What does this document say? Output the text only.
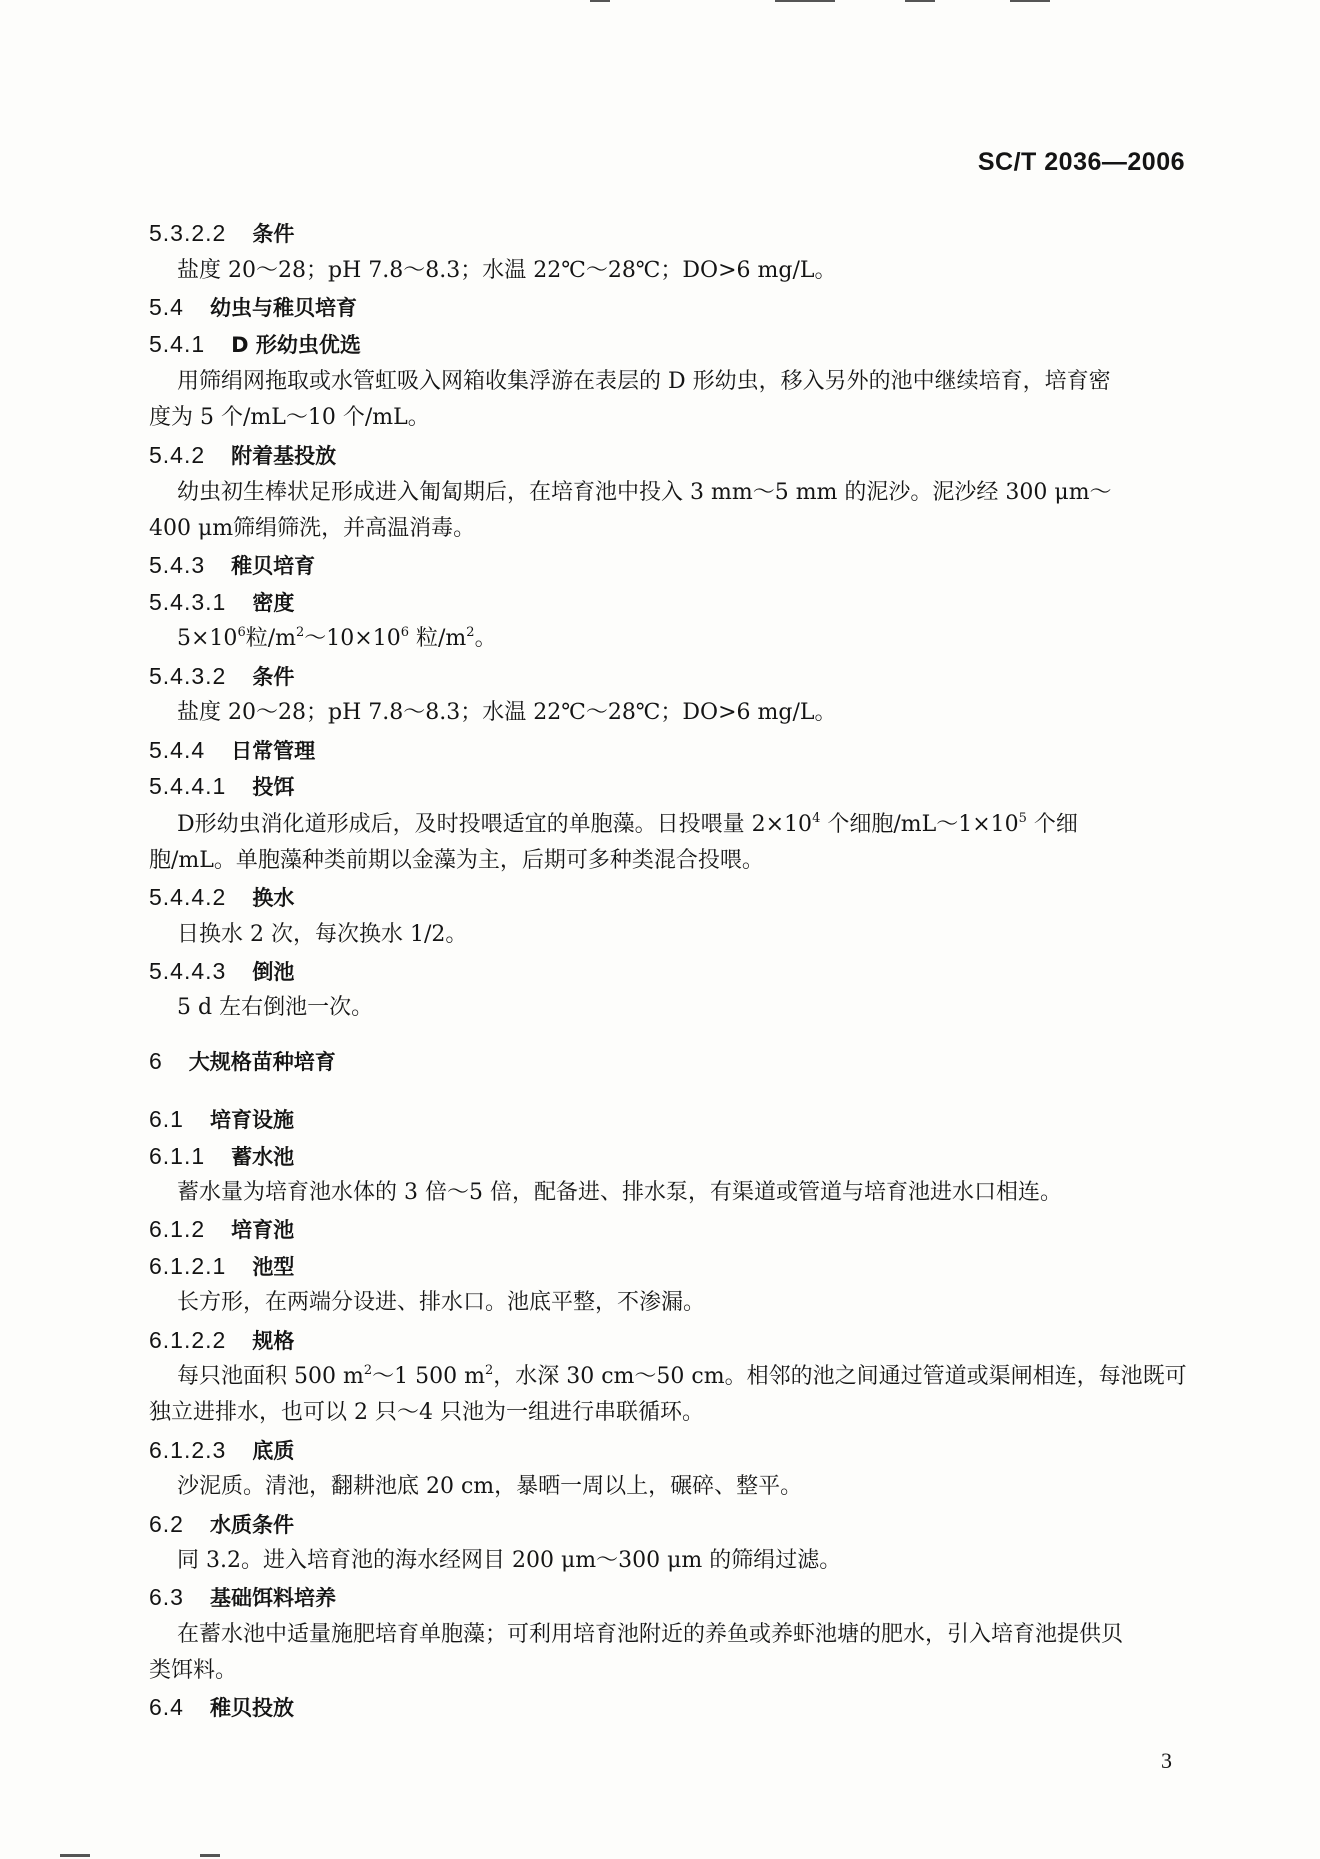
SC/T 2036—2006
5.3.2.2 条件
盐度 20～28；pH 7.8～8.3；水温 22℃～28℃；DO>6 mg/L。
5.4 幼虫与稚贝培育
5.4.1 D 形幼虫优选
用筛绢网拖取或水管虹吸入网箱收集浮游在表层的 D 形幼虫，移入另外的池中继续培育，培育密
度为 5 个/mL～10 个/mL。
5.4.2 附着基投放
幼虫初生棒状足形成进入匍匐期后，在培育池中投入 3 mm～5 mm 的泥沙。泥沙经 300 μm～
400 μm筛绢筛洗，并高温消毒。
5.4.3 稚贝培育
5.4.3.1 密度
$5\times 10^6$粒$/m^2\sim 10\times 10^6$ 粒$/m^2$。
5.4.3.2 条件
盐度 20～28；pH 7.8～8.3；水温 22℃～28℃；DO>6 mg/L。
5.4.4 日常管理
5.4.4.1 投饵
D形幼虫消化道形成后，及时投喂适宜的单胞藻。日投喂量 $2\times 10^4$ 个细胞$/mL\sim 1\times 10^5$ 个细
胞/mL。单胞藻种类前期以金藻为主，后期可多种类混合投喂。
5.4.4.2 换水
日换水 2 次，每次换水 1/2。
5.4.4.3 倒池
5 d 左右倒池一次。
6 大规格苗种培育
6.1 培育设施
6.1.1 蓄水池
蓄水量为培育池水体的 3 倍～5 倍，配备进、排水泵，有渠道或管道与培育池进水口相连。
6.1.2 培育池
6.1.2.1 池型
长方形，在两端分设进、排水口。池底平整，不渗漏。
6.1.2.2 规格
每只池面积 500 $m^2\sim 1$ 500 $m^2$，水深 30 cm～50 cm。相邻的池之间通过管道或渠闸相连，每池既可
独立进排水，也可以 2 只～4 只池为一组进行串联循环。
6.1.2.3 底质
沙泥质。清池，翻耕池底 20 cm，暴晒一周以上，碾碎、整平。
6.2 水质条件
同 3.2。进入培育池的海水经网目 200 μm～300 μm 的筛绢过滤。
6.3 基础饵料培养
在蓄水池中适量施肥培育单胞藻；可利用培育池附近的养鱼或养虾池塘的肥水，引入培育池提供贝
类饵料。
6.4 稚贝投放
3
